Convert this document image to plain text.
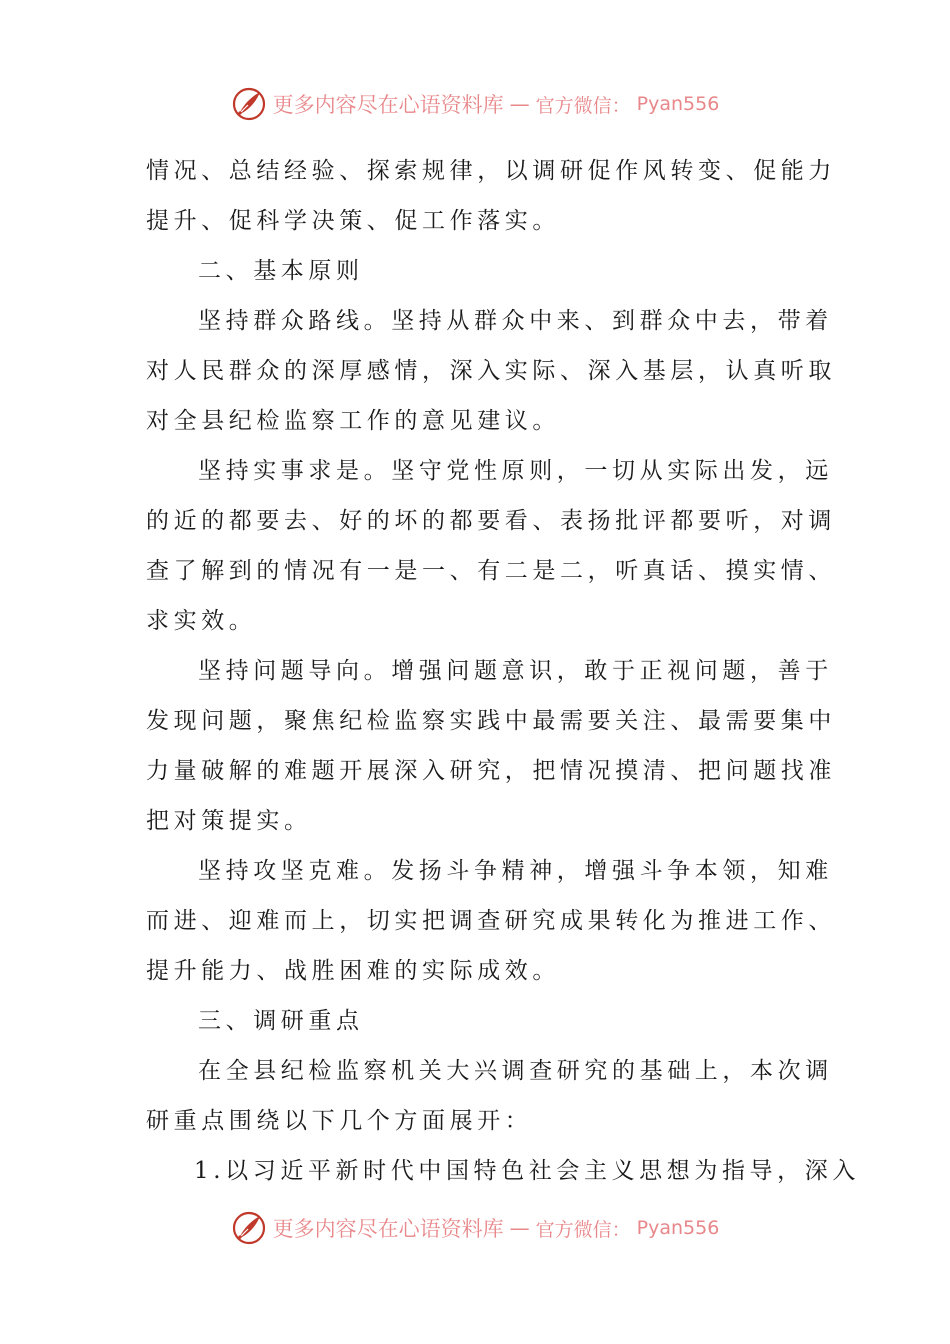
更多内容尽在心语资料库 — 官方微信： Pyan556
情况、总结经验、探索规律，以调研促作风转变、促能力
提升、促科学决策、促工作落实。
二、基本原则
坚持群众路线。坚持从群众中来、到群众中去，带着
对人民群众的深厚感情，深入实际、深入基层，认真听取
对全县纪检监察工作的意见建议。
坚持实事求是。坚守党性原则，一切从实际出发，远
的近的都要去、好的坏的都要看、表扬批评都要听，对调
查了解到的情况有一是一、有二是二，听真话、摸实情、
求实效。
坚持问题导向。增强问题意识，敢于正视问题，善于
发现问题，聚焦纪检监察实践中最需要关注、最需要集中
力量破解的难题开展深入研究，把情况摸清、把问题找准
把对策提实。
坚持攻坚克难。发扬斗争精神，增强斗争本领，知难
而进、迎难而上，切实把调查研究成果转化为推进工作、
提升能力、战胜困难的实际成效。
三、调研重点
在全县纪检监察机关大兴调查研究的基础上，本次调
研重点围绕以下几个方面展开：
1.以习近平新时代中国特色社会主义思想为指导，深入
更多内容尽在心语资料库 — 官方微信： Pyan556
